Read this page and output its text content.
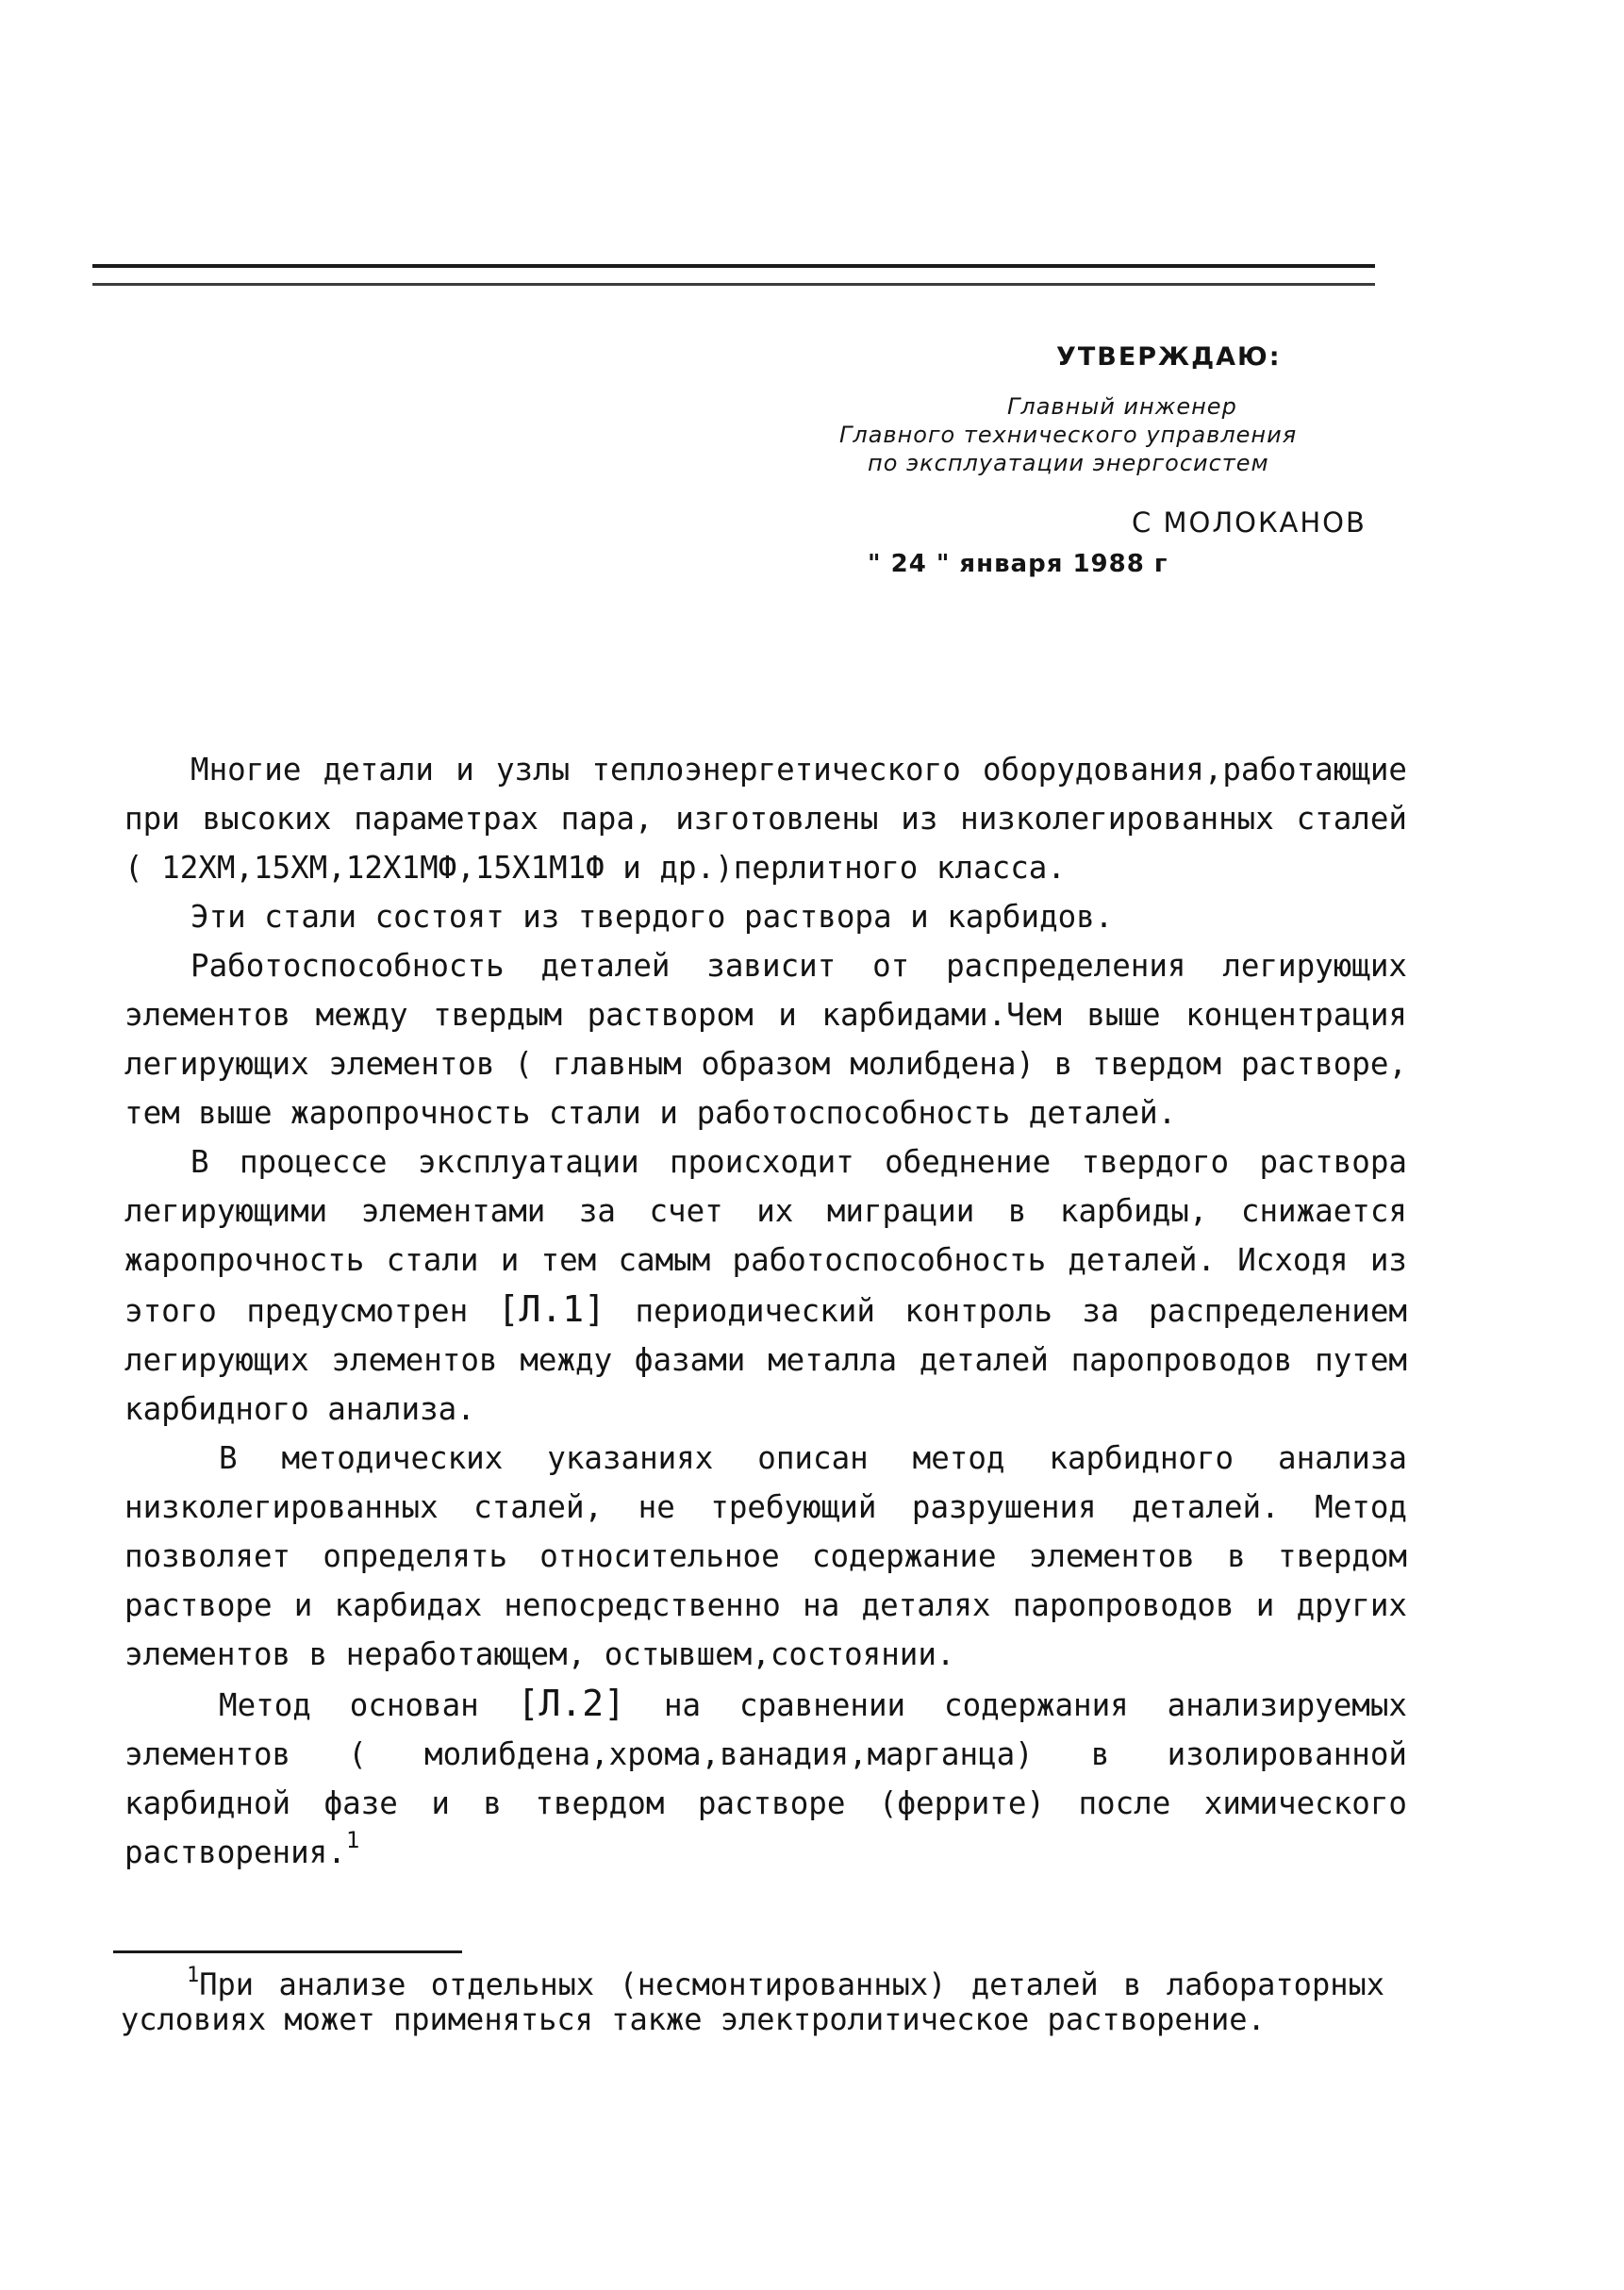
УТВЕРЖДАЮ:
Главный инженер
Главного технического управления
по эксплуатации энергосистем
С МОЛОКАНОВ
" 24 " января 1988 г

Многие детали и узлы теплоэнергетического оборудования,работающие при высоких параметрах пара, изготовлены из низколегированных сталей ( 12ХМ,15ХМ,12Х1МФ,15Х1М1Ф и др.)перлитного класса.

Эти стали состоят из твердого раствора и карбидов.

Работоспособность деталей зависит от распределения легирующих элементов между твердым раствором и карбидами.Чем выше концентрация легирующих элементов ( главным образом молибдена) в твердом растворе, тем выше жаропрочность стали и работоспособность деталей.

В процессе эксплуатации происходит обеднение твердого раствора легирующими элементами за счет их миграции в карбиды, снижается жаропрочность стали и тем самым работоспособность деталей. Исходя из этого предусмотрен [Л.1] периодический контроль за распределением легирующих элементов между фазами металла деталей паропроводов путем карбидного анализа.

В методических указаниях описан метод карбидного анализа низколегированных сталей, не требующий разрушения деталей. Метод позволяет определять относительное содержание элементов в твердом растворе и карбидах непосредственно на деталях паропроводов и других элементов в неработающем, остывшем,состоянии.

Метод основан [Л.2] на сравнении содержания анализируемых элементов ( молибдена,хрома,ванадия,марганца) в изолированной карбидной фазе и в твердом растворе (феррите) после химического растворения.$^1$

$^1$При анализе отдельных (несмонтированных) деталей в лабораторных условиях может применяться также электролитическое растворение.
